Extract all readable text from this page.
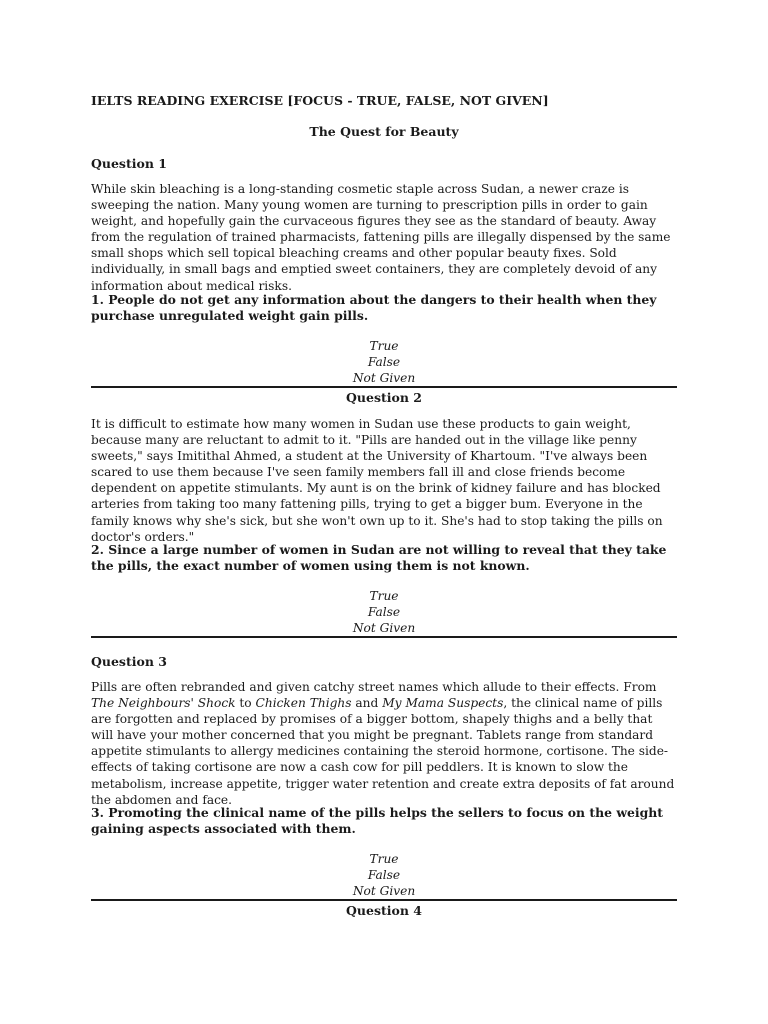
IELTS READING EXERCISE [FOCUS - TRUE, FALSE, NOT GIVEN]
The Quest for Beauty
Question 1

While skin bleaching is a long-standing cosmetic staple across Sudan, a newer craze is sweeping the nation. Many young women are turning to prescription pills in order to gain weight, and hopefully gain the curvaceous figures they see as the standard of beauty. Away from the regulation of trained pharmacists, fattening pills are illegally dispensed by the same small shops which sell topical bleaching creams and other popular beauty fixes. Sold individually, in small bags and emptied sweet containers, they are completely devoid of any information about medical risks.

1. People do not get any information about the dangers to their health when they purchase unregulated weight gain pills.

True
False
Not Given
Question 2

It is difficult to estimate how many women in Sudan use these products to gain weight, because many are reluctant to admit to it. "Pills are handed out in the village like penny sweets," says Imitithal Ahmed, a student at the University of Khartoum. "I've always been scared to use them because I've seen family members fall ill and close friends become dependent on appetite stimulants. My aunt is on the brink of kidney failure and has blocked arteries from taking too many fattening pills, trying to get a bigger bum. Everyone in the family knows why she's sick, but she won't own up to it. She's had to stop taking the pills on doctor's orders."

2. Since a large number of women in Sudan are not willing to reveal that they take the pills, the exact number of women using them is not known.

True
False
Not Given
Question 3

Pills are often rebranded and given catchy street names which allude to their effects. From The Neighbours' Shock to Chicken Thighs and My Mama Suspects, the clinical name of pills are forgotten and replaced by promises of a bigger bottom, shapely thighs and a belly that will have your mother concerned that you might be pregnant. Tablets range from standard appetite stimulants to allergy medicines containing the steroid hormone, cortisone. The side-effects of taking cortisone are now a cash cow for pill peddlers. It is known to slow the metabolism, increase appetite, trigger water retention and create extra deposits of fat around the abdomen and face.

3. Promoting the clinical name of the pills helps the sellers to focus on the weight gaining aspects associated with them.

True
False
Not Given
Question 4
